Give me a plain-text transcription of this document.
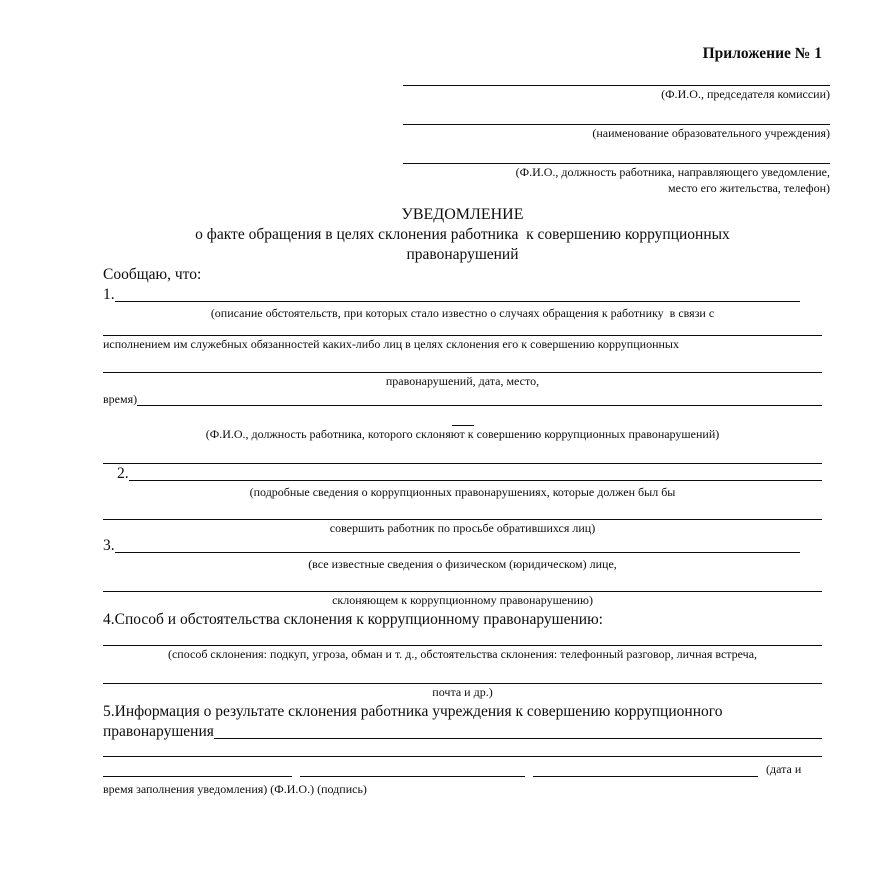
Приложение № 1
(Ф.И.О., председателя комиссии)
(наименование образовательного учреждения)
(Ф.И.О., должность работника, направляющего уведомление,
место его жительства, телефон)
УВЕДОМЛЕНИЕ
о факте обращения в целях склонения работника  к совершению коррупционных
правонарушений
Сообщаю, что:
1.
(описание обстоятельств, при которых стало известно о случаях обращения к работнику  в связи с
исполнением им служебных обязанностей каких-либо лиц в целях склонения его к совершению коррупционных
правонарушений, дата, место,
время)
(Ф.И.О., должность работника, которого склоняют к совершению коррупционных правонарушений)
2.
(подробные сведения о коррупционных правонарушениях, которые должен был бы
совершить работник по просьбе обратившихся лиц)
3.
(все известные сведения о физическом (юридическом) лице,
склоняющем к коррупционному правонарушению)
4.Способ и обстоятельства склонения к коррупционному правонарушению:
(способ склонения: подкуп, угроза, обман и т. д., обстоятельства склонения: телефонный разговор, личная встреча,
почта и др.)
5.Информация о результате склонения работника учреждения к совершению коррупционного
правонарушения
(дата и
время заполнения уведомления) (Ф.И.О.) (подпись)
